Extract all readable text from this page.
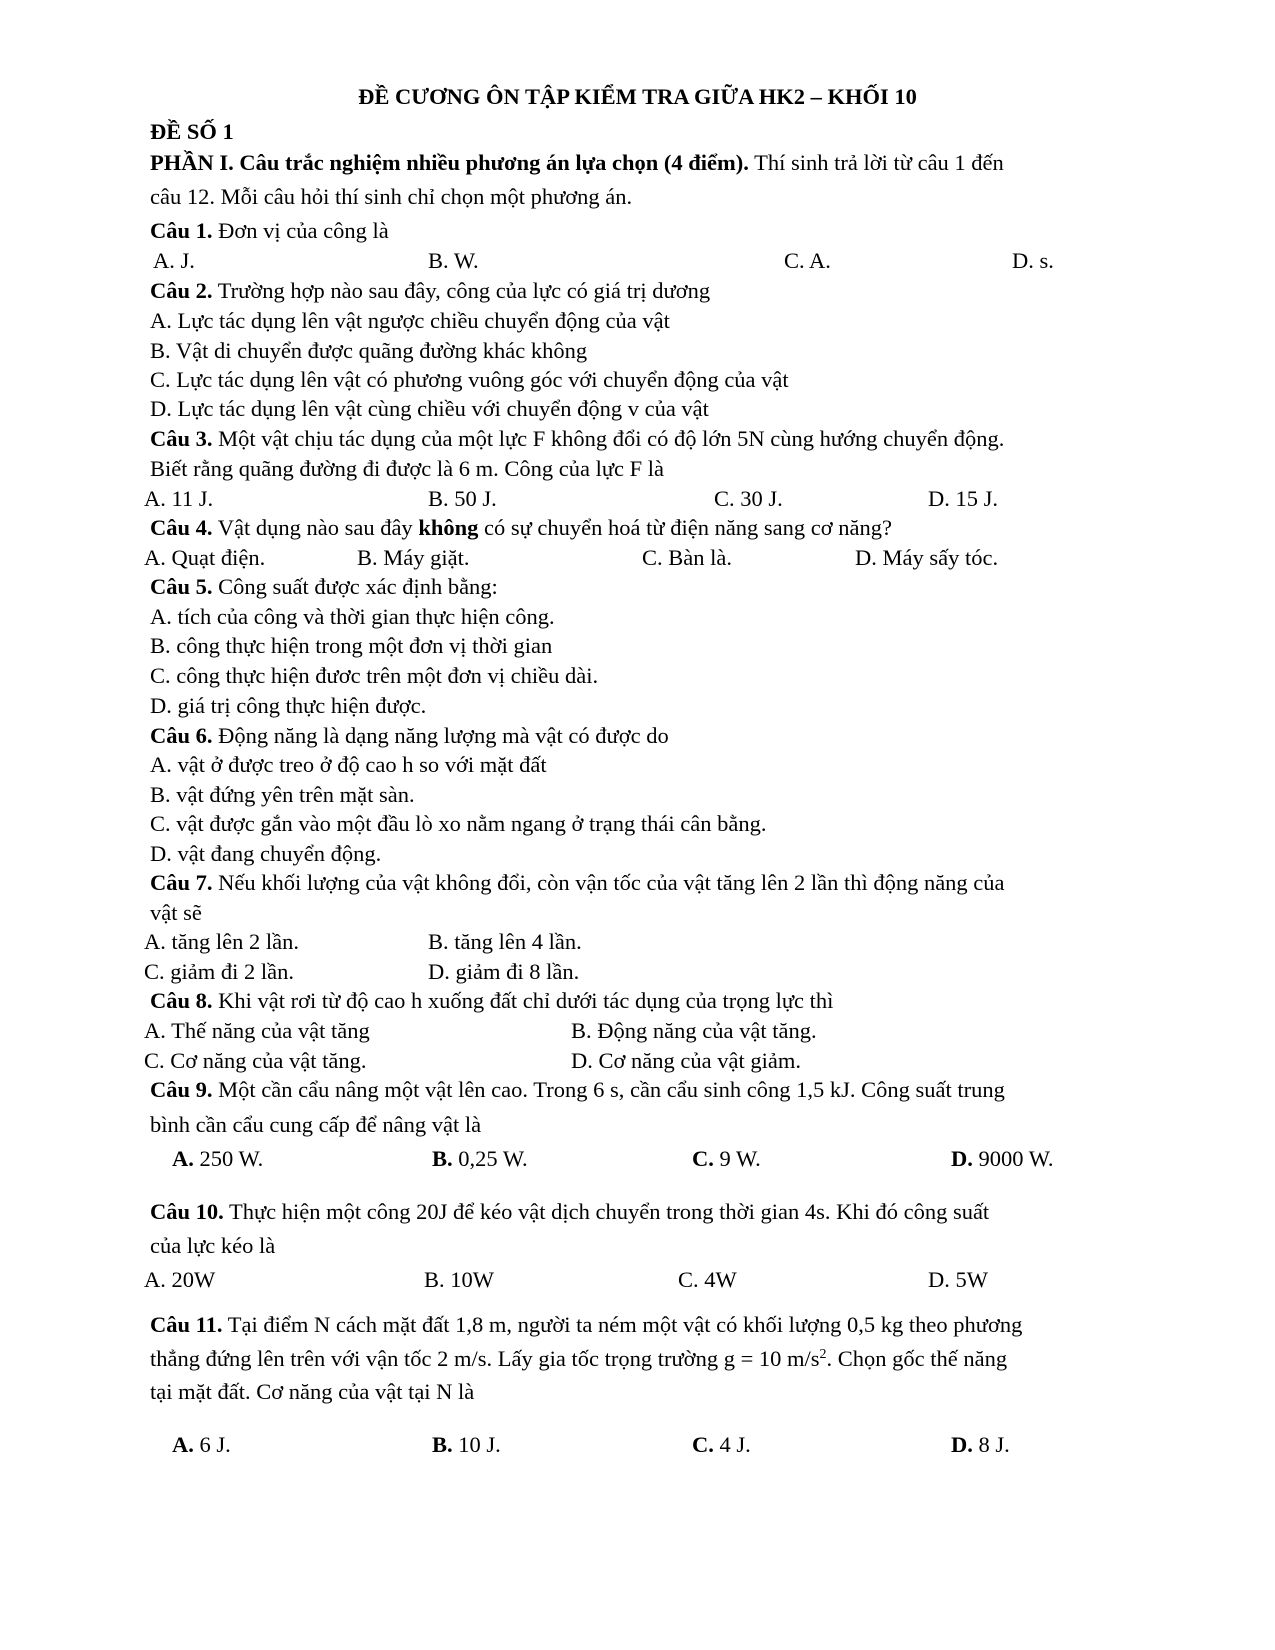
ĐỀ CƯƠNG ÔN TẬP KIỂM TRA GIỮA HK2 – KHỐI 10
ĐỀ SỐ 1
PHẦN I. Câu trắc nghiệm nhiều phương án lựa chọn (4 điểm). Thí sinh trả lời từ câu 1 đến
câu 12. Mỗi câu hỏi thí sinh chỉ chọn một phương án.
Câu 1. Đơn vị của công là
A. J.	B. W.	C. A.	D. s.
Câu 2. Trường hợp nào sau đây, công của lực có giá trị dương
A. Lực tác dụng lên vật ngược chiều chuyển động của vật
B. Vật di chuyển được quãng đường khác không
C. Lực tác dụng lên vật có phương vuông góc với chuyển động của vật
D. Lực tác dụng lên vật cùng chiều với chuyển động v của vật
Câu 3. Một vật chịu tác dụng của một lực F không đổi có độ lớn 5N cùng hướng chuyển động.
Biết rằng quãng đường đi được là 6 m. Công của lực F là
A. 11 J.	B. 50 J.	C. 30 J.	D. 15 J.
Câu 4. Vật dụng nào sau đây không có sự chuyển hoá từ điện năng sang cơ năng?
A. Quạt điện.	B. Máy giặt.	C. Bàn là.	D. Máy sấy tóc.
Câu 5. Công suất được xác định bằng:
A. tích của công và thời gian thực hiện công.
B. công thực hiện trong một đơn vị thời gian
C. công thực hiện đươc trên một đơn vị chiều dài.
D. giá trị công thực hiện được.
Câu 6. Động năng là dạng năng lượng mà vật có được do
A. vật ở được treo ở độ cao h so với mặt đất
B. vật đứng yên trên mặt sàn.
C. vật được gắn vào một đầu lò xo nằm ngang ở trạng thái cân bằng.
D. vật đang chuyển động.
Câu 7. Nếu khối lượng của vật không đổi, còn vận tốc của vật tăng lên 2 lần thì động năng của
vật sẽ
A. tăng lên 2 lần.	B. tăng lên 4 lần.
C. giảm đi 2 lần.	D. giảm đi 8 lần.
Câu 8. Khi vật rơi từ độ cao h xuống đất chỉ dưới tác dụng của trọng lực thì
A. Thế năng của vật tăng	B. Động năng của vật tăng.
C. Cơ năng của vật tăng.	D. Cơ năng của vật giảm.
Câu 9. Một cần cẩu nâng một vật lên cao. Trong 6 s, cần cẩu sinh công 1,5 kJ. Công suất trung
bình cần cẩu cung cấp để nâng vật là
A. 250 W.	B. 0,25 W.	C. 9 W.	D. 9000 W.
Câu 10. Thực hiện một công 20J để kéo vật dịch chuyển trong thời gian 4s. Khi đó công suất
của lực kéo là
A. 20W	B. 10W	C. 4W	D. 5W
Câu 11. Tại điểm N cách mặt đất 1,8 m, người ta ném một vật có khối lượng 0,5 kg theo phương
thẳng đứng lên trên với vận tốc 2 m/s. Lấy gia tốc trọng trường g = 10 $m/s^2$. Chọn gốc thế năng
tại mặt đất. Cơ năng của vật tại N là
A. 6 J.	B. 10 J.	C. 4 J.	D. 8 J.
